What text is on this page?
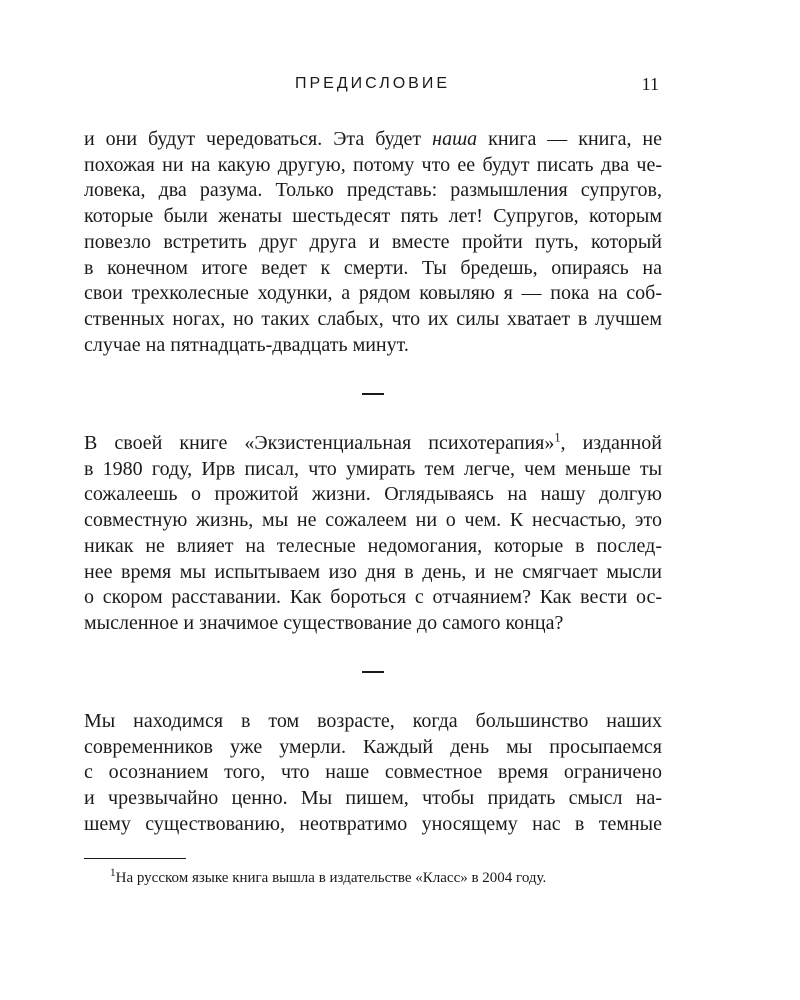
ПРЕДИСЛОВИЕ	11
и они будут чередоваться. Эта будет наша книга — книга, не
похожая ни на какую другую, потому что ее будут писать два че-
ловека, два разума. Только представь: размышления супругов,
которые были женаты шестьдесят пять лет! Супругов, которым
повезло встретить друг друга и вместе пройти путь, который
в конечном итоге ведет к смерти. Ты бредешь, опираясь на
свои трехколесные ходунки, а рядом ковыляю я — пока на соб-
ственных ногах, но таких слабых, что их силы хватает в лучшем
случае на пятнадцать-двадцать минут.
В своей книге «Экзистенциальная психотерапия»$^1$, изданной
в 1980 году, Ирв писал, что умирать тем легче, чем меньше ты
сожалеешь о прожитой жизни. Оглядываясь на нашу долгую
совместную жизнь, мы не сожалеем ни о чем. К несчастью, это
никак не влияет на телесные недомогания, которые в послед-
нее время мы испытываем изо дня в день, и не смягчает мысли
о скором расставании. Как бороться с отчаянием? Как вести ос-
мысленное и значимое существование до самого конца?
Мы находимся в том возрасте, когда большинство наших
современников уже умерли. Каждый день мы просыпаемся
с осознанием того, что наше совместное время ограничено
и чрезвычайно ценно. Мы пишем, чтобы придать смысл на-
шему существованию, неотвратимо уносящему нас в темные
$^1$На русском языке книга вышла в издательстве «Класс» в 2004 году.
